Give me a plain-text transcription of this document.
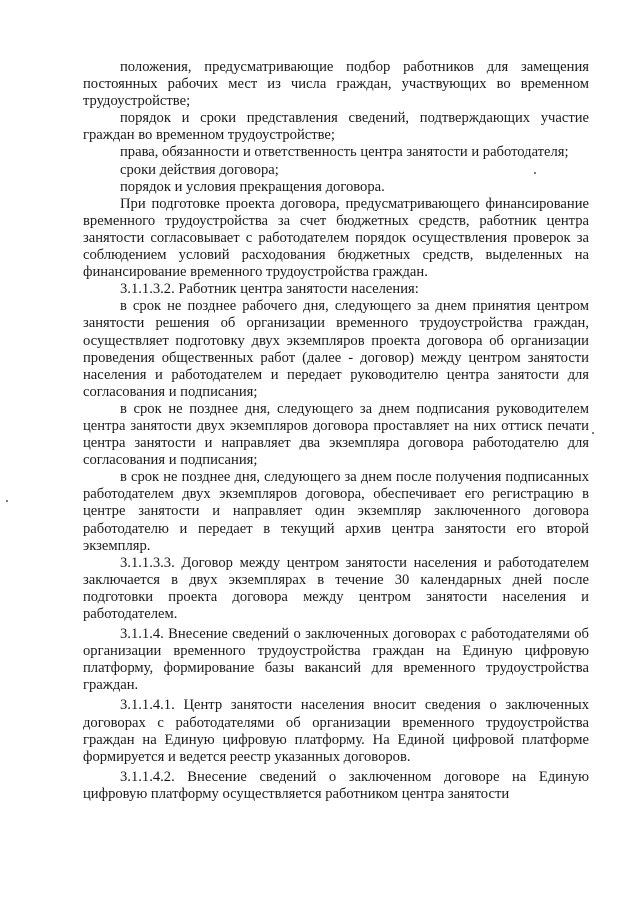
положения, предусматривающие подбор работников для замещения постоянных рабочих мест из числа граждан, участвующих во временном трудоустройстве;

порядок и сроки представления сведений, подтверждающих участие граждан во временном трудоустройстве;

права, обязанности и ответственность центра занятости и работодателя;

сроки действия договора;

порядок и условия прекращения договора.

При подготовке проекта договора, предусматривающего финансирование временного трудоустройства за счет бюджетных средств, работник центра занятости согласовывает с работодателем порядок осуществления проверок за соблюдением условий расходования бюджетных средств, выделенных на финансирование временного трудоустройства граждан.

3.1.1.3.2. Работник центра занятости населения:

в срок не позднее рабочего дня, следующего за днем принятия центром занятости решения об организации временного трудоустройства граждан, осуществляет подготовку двух экземпляров проекта договора об организации проведения общественных работ (далее - договор) между центром занятости населения и работодателем и передает руководителю центра занятости для согласования и подписания;

в срок не позднее дня, следующего за днем подписания руководителем центра занятости двух экземпляров договора проставляет на них оттиск печати центра занятости и направляет два экземпляра договора работодателю для согласования и подписания;

в срок не позднее дня, следующего за днем после получения подписанных работодателем двух экземпляров договора, обеспечивает его регистрацию в центре занятости и направляет один экземпляр заключенного договора работодателю и передает в текущий архив центра занятости его второй экземпляр.

3.1.1.3.3. Договор между центром занятости населения и работодателем заключается в двух экземплярах в течение 30 календарных дней после подготовки проекта договора между центром занятости населения и работодателем.

3.1.1.4. Внесение сведений о заключенных договорах с работодателями об организации временного трудоустройства граждан на Единую цифровую платформу, формирование базы вакансий для временного трудоустройства граждан.

3.1.1.4.1. Центр занятости населения вносит сведения о заключенных договорах с работодателями об организации временного трудоустройства граждан на Единую цифровую платформу. На Единой цифровой платформе формируется и ведется реестр указанных договоров.

3.1.1.4.2. Внесение сведений о заключенном договоре на Единую цифровую платформу осуществляется работником центра занятости
